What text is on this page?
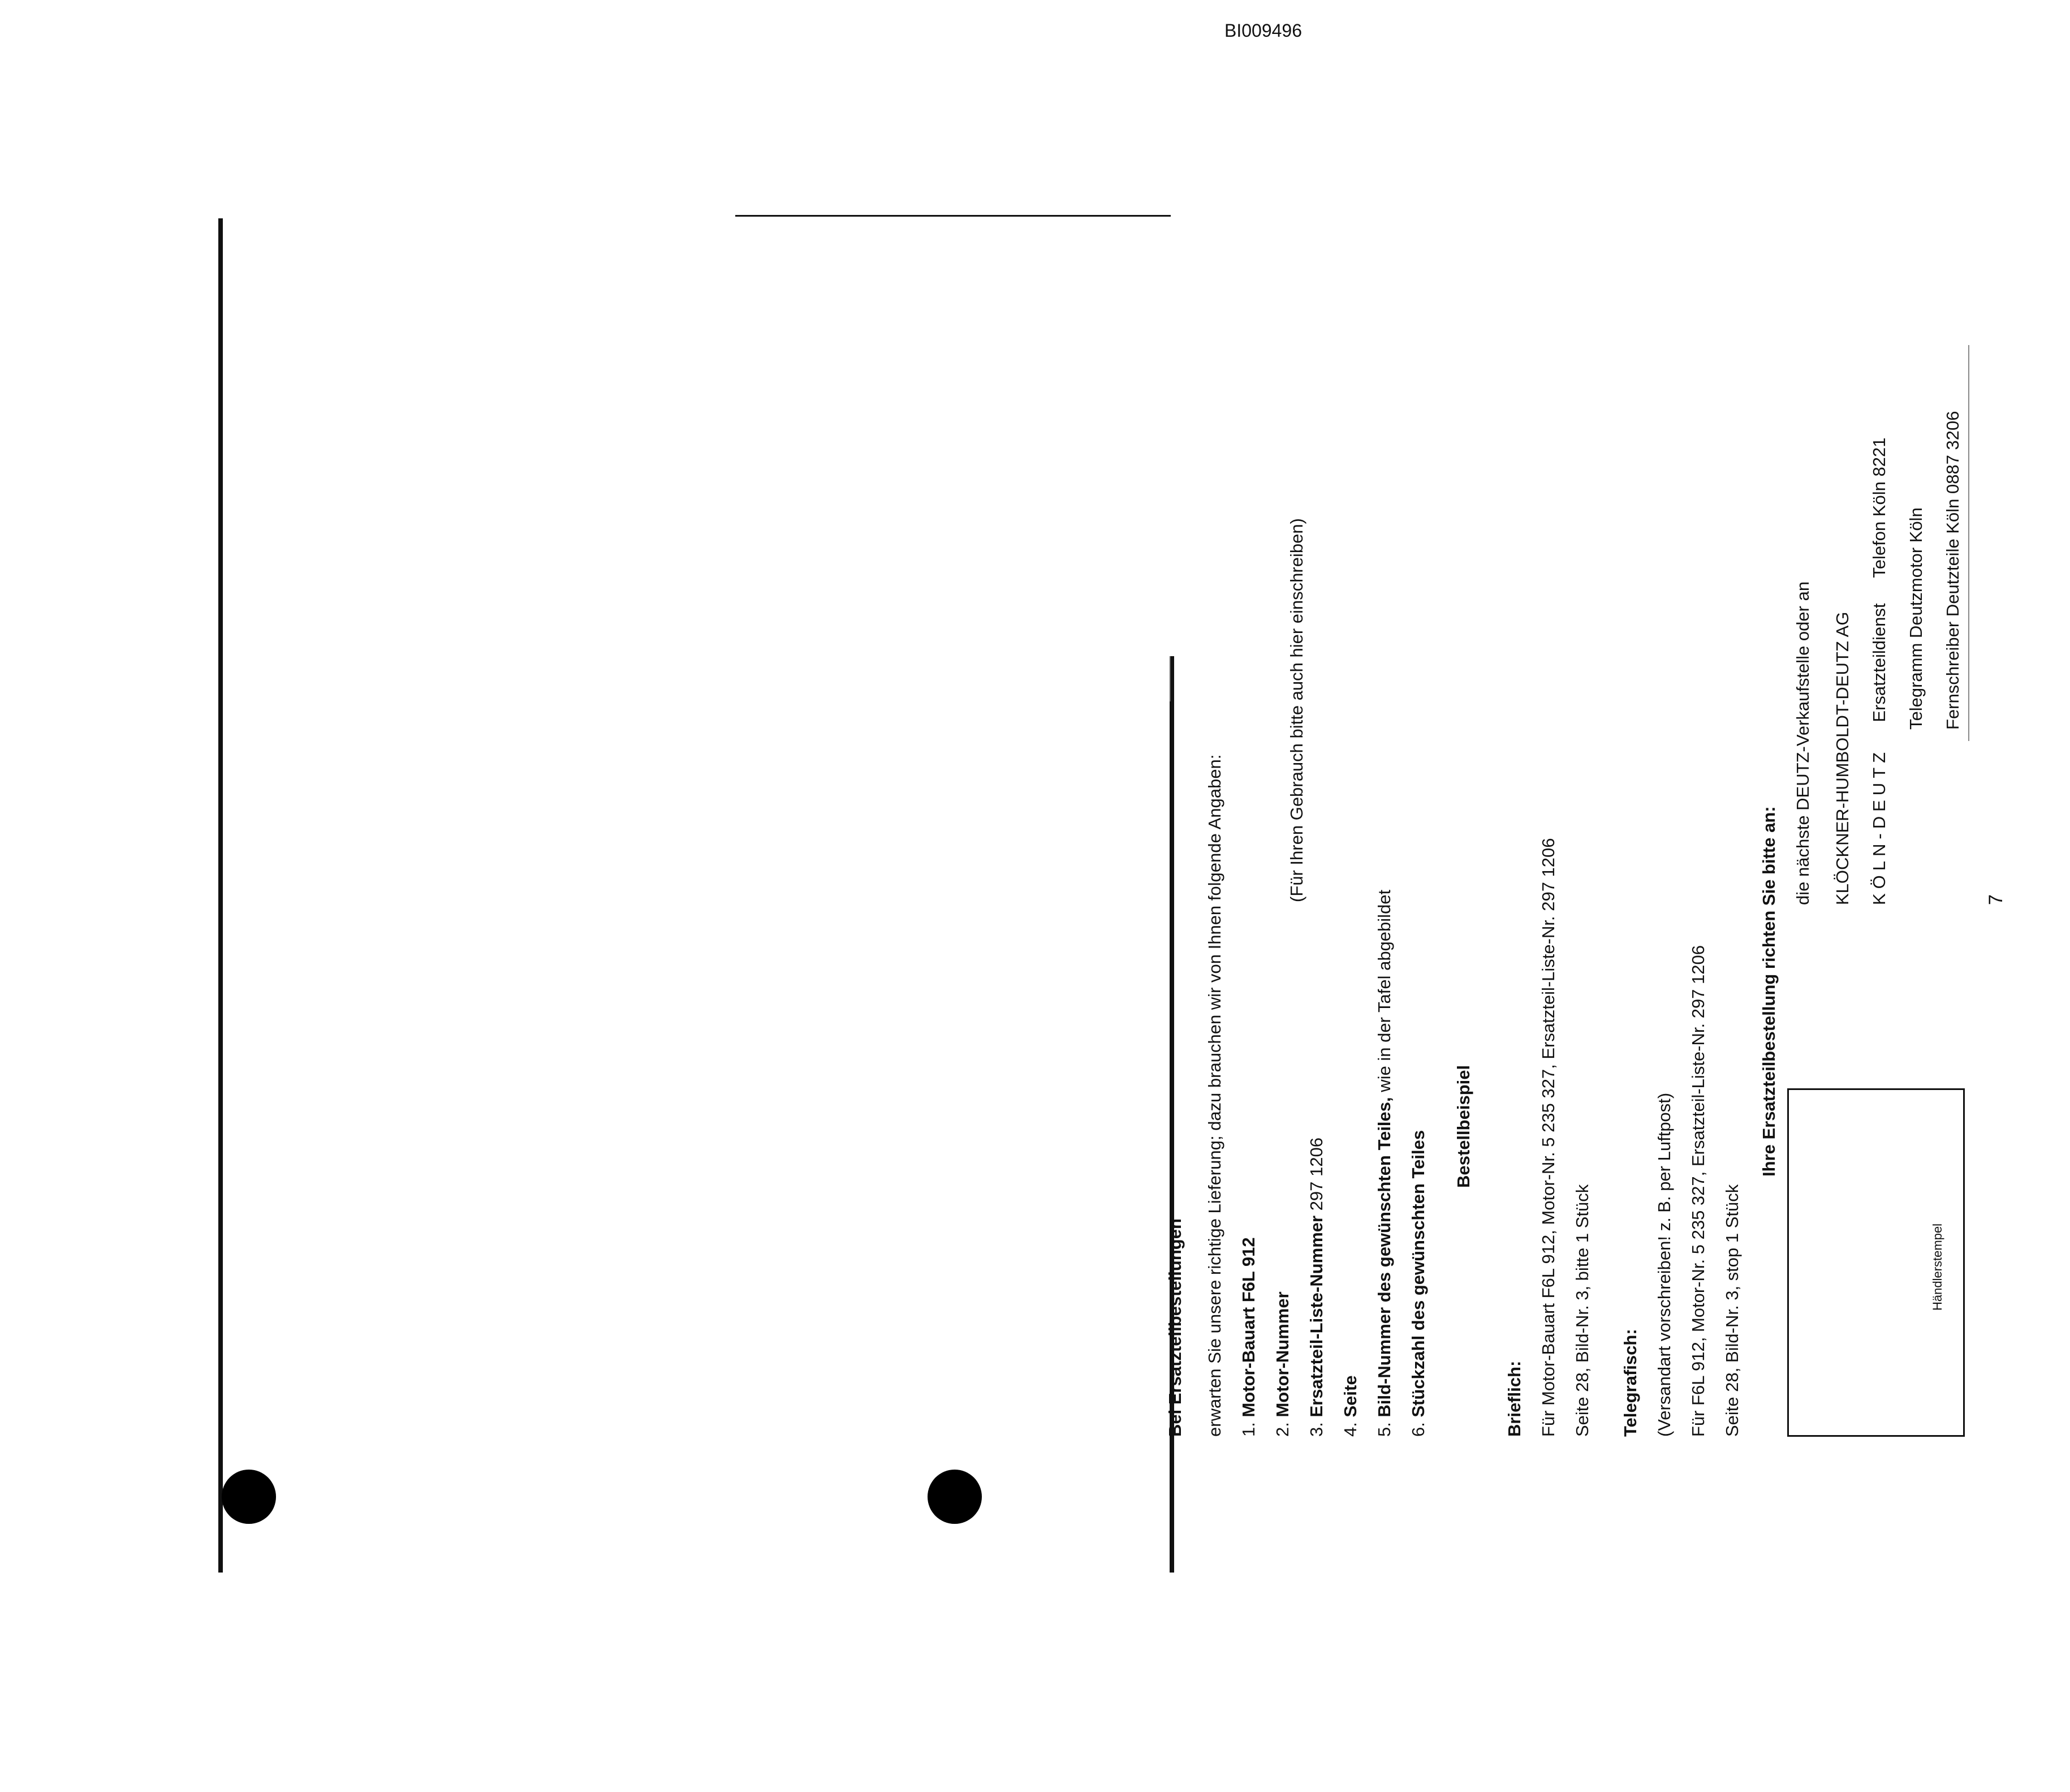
BI009496
Bei Ersatzteilbestellungen erwarten Sie unsere richtige Lieferung; dazu brauchen wir von Ihnen folgende Angaben: 1. Motor-Bauart F6L 912
2. Motor-Nummer
(Für Ihren Gebrauch bitte auch hier einschreiben)
3. Ersatzteil-Liste-Nummer 297 1206
4. Seite
5. Bild-Nummer des gewünschten Teiles, wie in der Tafel abgebildet
6. Stückzahl des gewünschten Teiles
Bestellbeispiel
Brieflich: Für Motor-Bauart F6L 912, Motor-Nr. 5 235 327, Ersatzteil-Liste-Nr. 297 1206 Seite 28, Bild-Nr. 3, bitte 1 Stück Telegrafisch: (Versandart vorschreiben! z. B. per Luftpost) Für F6L 912, Motor-Nr. 5 235 327, Ersatzteil-Liste-Nr. 297 1206 Seite 28, Bild-Nr. 3, stop 1 Stück
Ihre Ersatzteilbestellung richten Sie bitte an:
die nächste DEUTZ-Verkaufstelle oder an KLÖCKNER-HUMBOLDT-DEUTZ AG KÖLN-DEUTZ  Ersatzteildienst  Telefon Köln 8221 Telegramm Deutzmotor Köln Fernschreiber Deutzteile Köln 0887 3206
7
Händlerstempel
